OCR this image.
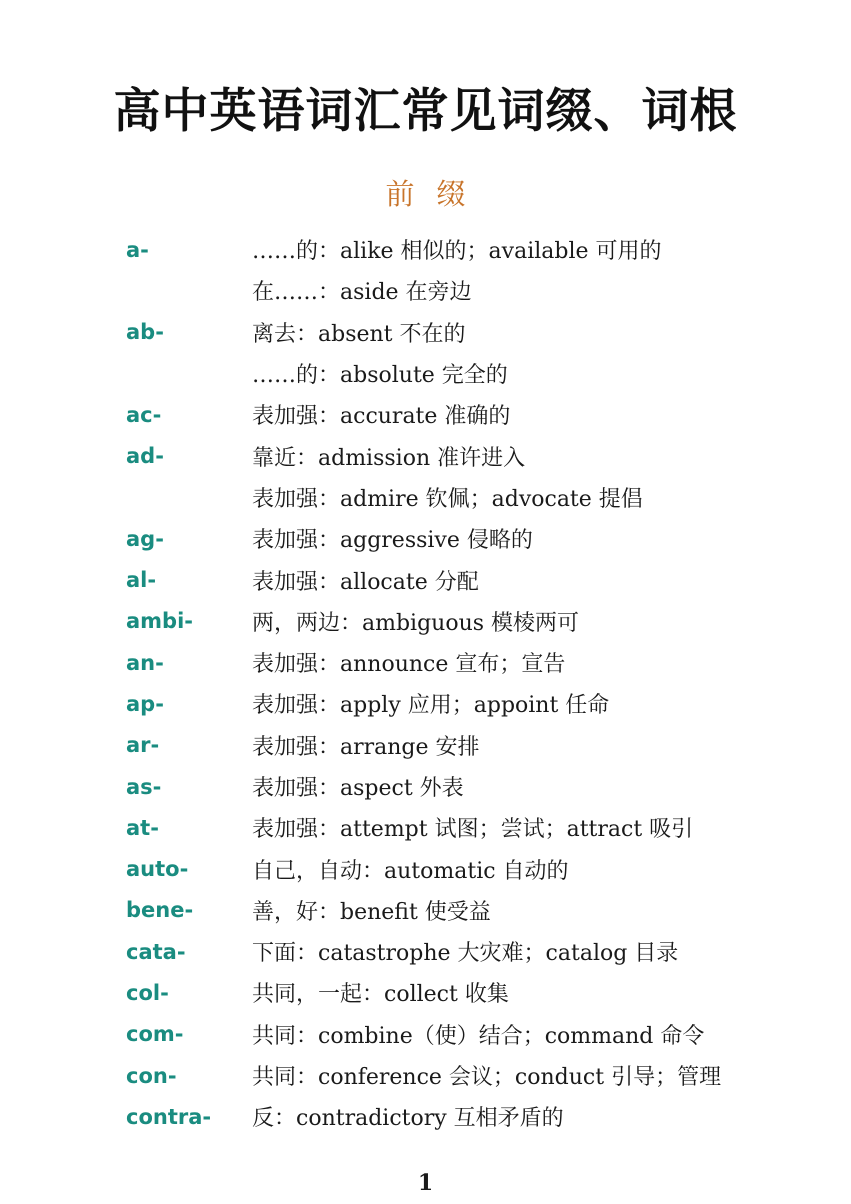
高中英语词汇常见词缀、词根
前缀
a-	……的：alike 相似的；available 可用的
在……：aside 在旁边
ab-	离去：absent 不在的
……的：absolute 完全的
ac-	表加强：accurate 准确的
ad-	靠近：admission 准许进入
表加强：admire 钦佩；advocate 提倡
ag-	表加强：aggressive 侵略的
al-	表加强：allocate 分配
ambi-	两，两边：ambiguous 模棱两可
an-	表加强：announce 宣布；宣告
ap-	表加强：apply 应用；appoint 任命
ar-	表加强：arrange 安排
as-	表加强：aspect 外表
at-	表加强：attempt 试图；尝试；attract 吸引
auto-	自己，自动：automatic 自动的
bene-	善，好：benefit 使受益
cata-	下面：catastrophe 大灾难；catalog 目录
col-	共同，一起：collect 收集
com-	共同：combine（使）结合；command 命令
con-	共同：conference 会议；conduct 引导；管理
contra-	反：contradictory 互相矛盾的
1
